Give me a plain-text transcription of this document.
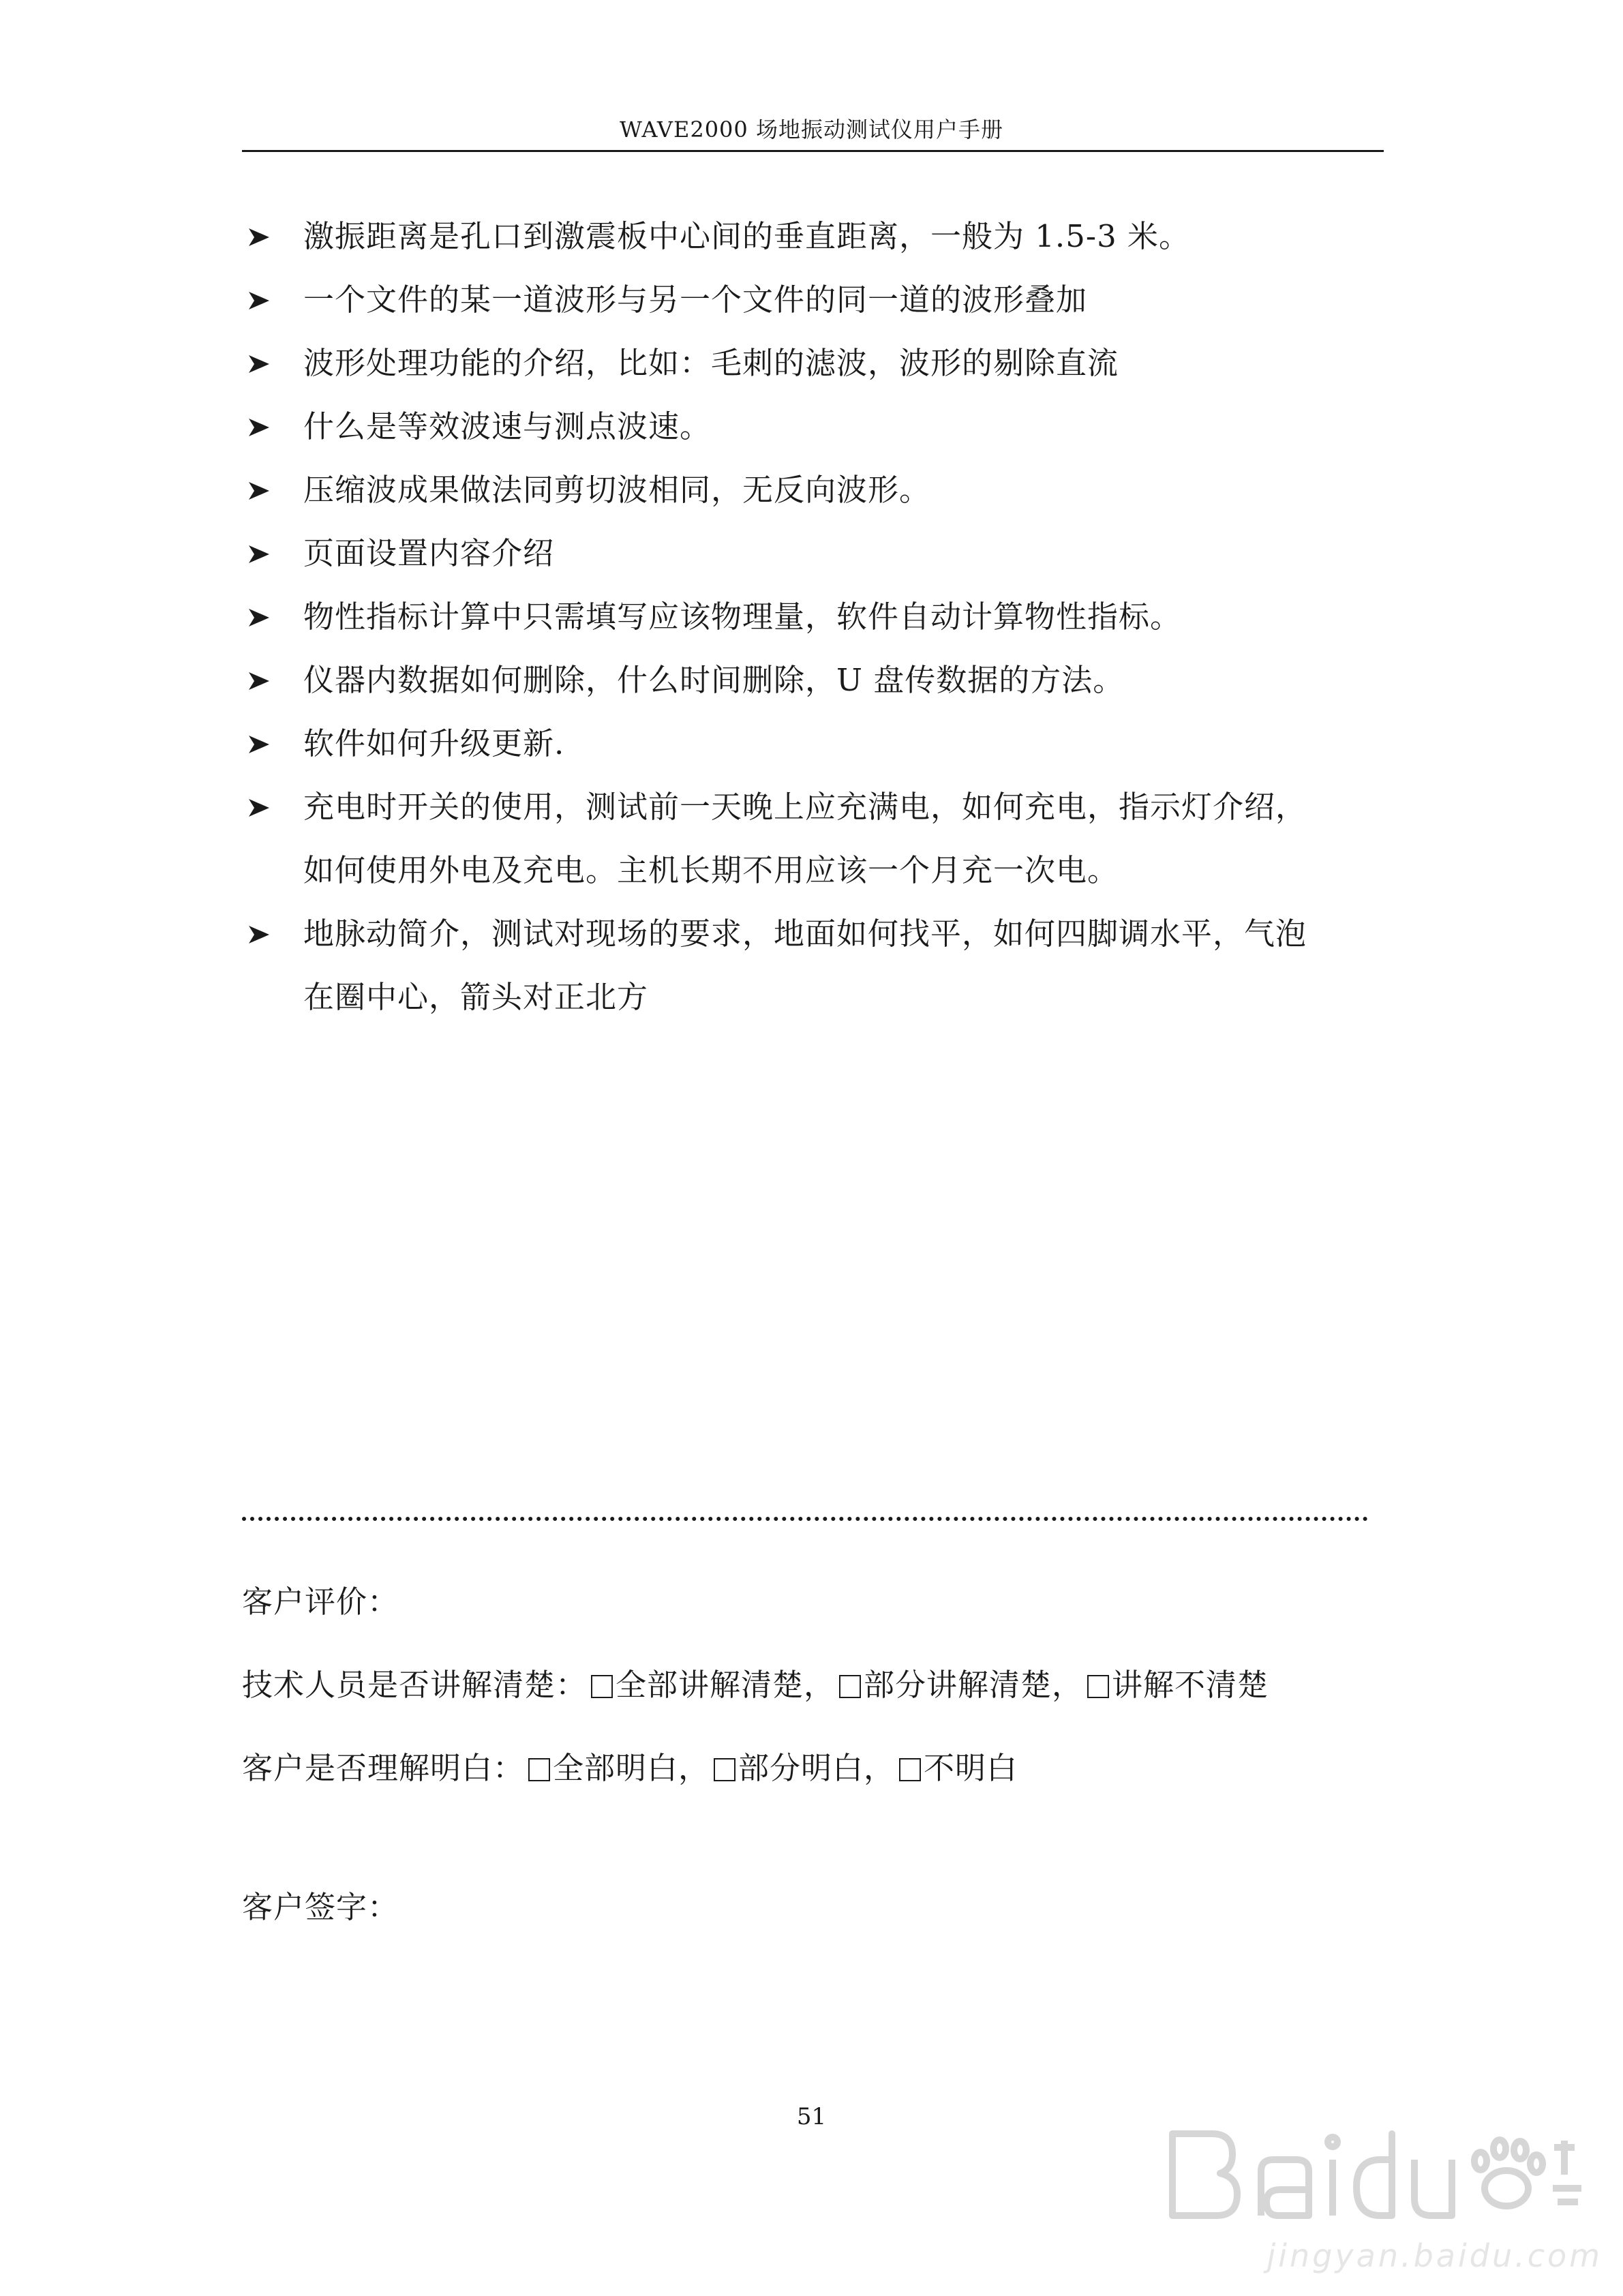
WAVE2000 场地振动测试仪用户手册
激振距离是孔口到激震板中心间的垂直距离，一般为 1.5-3 米。
一个文件的某一道波形与另一个文件的同一道的波形叠加
波形处理功能的介绍，比如：毛刺的滤波，波形的剔除直流
什么是等效波速与测点波速。
压缩波成果做法同剪切波相同，无反向波形。
页面设置内容介绍
物性指标计算中只需填写应该物理量，软件自动计算物性指标。
仪器内数据如何删除，什么时间删除，U 盘传数据的方法。
软件如何升级更新.
充电时开关的使用，测试前一天晚上应充满电，如何充电，指示灯介绍，
如何使用外电及充电。主机长期不用应该一个月充一次电。
地脉动简介，测试对现场的要求，地面如何找平，如何四脚调水平，气泡
在圈中心，箭头对正北方
客户评价：
技术人员是否讲解清楚： 全部讲解清楚， 部分讲解清楚， 讲解不清楚
客户是否理解明白： 全部明白， 部分明白， 不明白
客户签字：
51
jingyan.baidu.com
